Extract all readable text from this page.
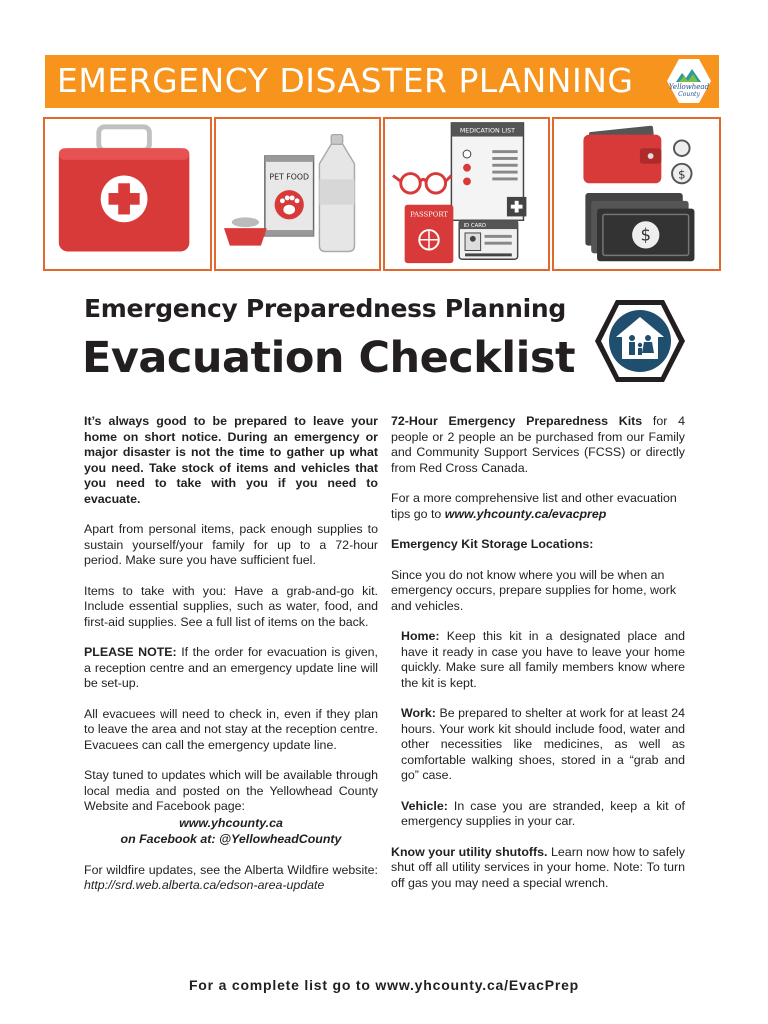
EMERGENCY DISASTER PLANNING	Yellowhead
County
PET FOOD
MEDICATION LIST
PASSPORT
ID CARD
$
$
Emergency Preparedness Planning
Evacuation Checklist

It’s always good to be prepared to leave your home on short notice. During an emergency or major disaster is not the time to gather up what you need. Take stock of items and vehicles that you need to take with you if you need to evacuate.

Apart from personal items, pack enough supplies to sustain yourself/your family for up to a 72-hour period. Make sure you have sufficient fuel.

Items to take with you: Have a grab-and-go kit. Include essential supplies, such as water, food, and first-aid supplies. See a full list of items on the back.

PLEASE NOTE: If the order for evacuation is given, a reception centre and an emergency update line will be set-up.

All evacuees will need to check in, even if they plan to leave the area and not stay at the reception centre. Evacuees can call the emergency update line.

Stay tuned to updates which will be available through local media and posted on the Yellowhead County Website and Facebook page:

www.yhcounty.ca

on Facebook at: @YellowheadCounty

For wildfire updates, see the Alberta Wildfire website: http://srd.web.alberta.ca/edson-area-update

72-Hour Emergency Preparedness Kits for 4 people or 2 people an be purchased from our Family and Community Support Services (FCSS) or directly from Red Cross Canada.

For a more comprehensive list and other evacuation tips go to www.yhcounty.ca/evacprep

Emergency Kit Storage Locations:

Since you do not know where you will be when an emergency occurs, prepare supplies for home, work and vehicles.

Home: Keep this kit in a designated place and have it ready in case you have to leave your home quickly. Make sure all family members know where the kit is kept.

Work: Be prepared to shelter at work for at least 24 hours. Your work kit should include food, water and other necessities like medicines, as well as comfortable walking shoes, stored in a “grab and go” case.

Vehicle: In case you are stranded, keep a kit of emergency supplies in your car.

Know your utility shutoffs. Learn now how to safely shut off all utility services in your home. Note: To turn off gas you may need a special wrench.

For a complete list go to www.yhcounty.ca/EvacPrep
